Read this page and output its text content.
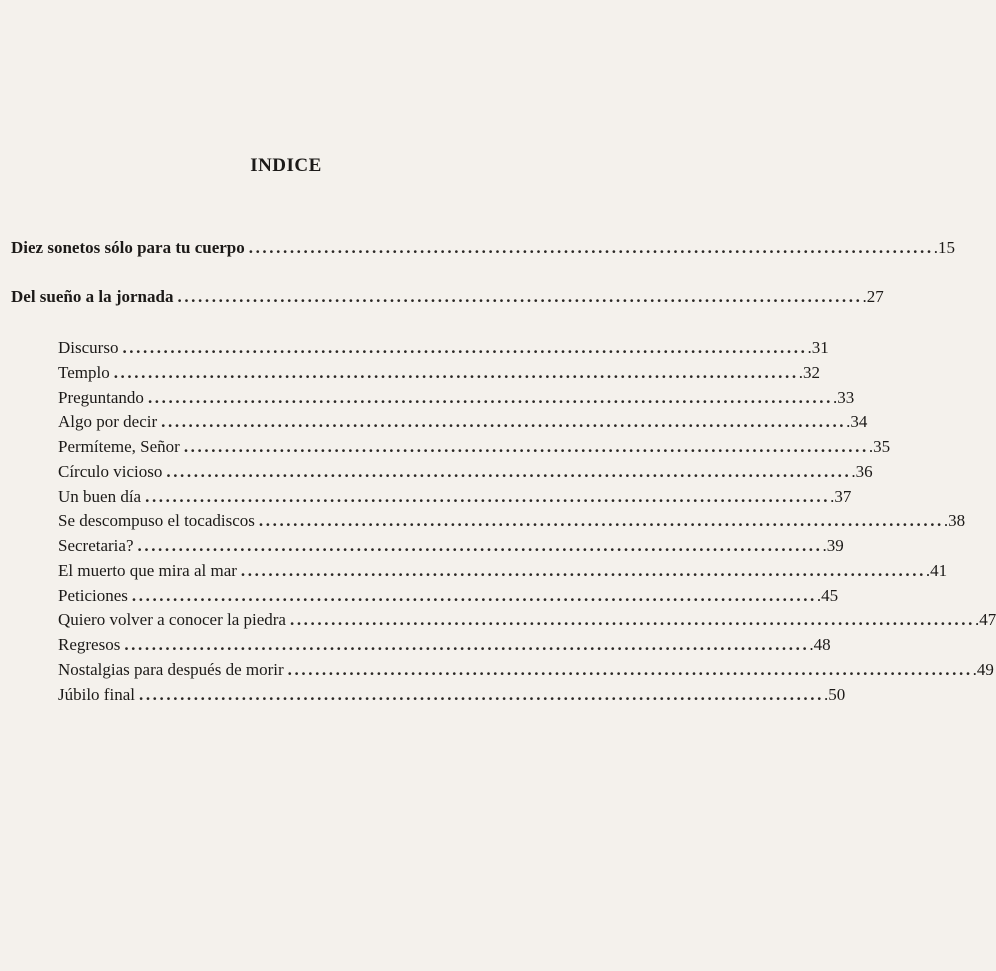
INDICE
Diez sonetos sólo para tu cuerpo .................................................................................................... .15
Del sueño a la jornada .................................................................................................... .27
Discurso .................................................................................................... .31
Templo .................................................................................................... .32
Preguntando .................................................................................................... .33
Algo por decir .................................................................................................... .34
Permíteme, Señor .................................................................................................... .35
Círculo vicioso .................................................................................................... .36
Un buen día .................................................................................................... .37
Se descompuso el tocadiscos .................................................................................................... .38
Secretaria? .................................................................................................... .39
El muerto que mira al mar .................................................................................................... .41
Peticiones .................................................................................................... .45
Quiero volver a conocer la piedra .................................................................................................... .47
Regresos .................................................................................................... .48
Nostalgias para después de morir .................................................................................................... .49
Júbilo final .................................................................................................... .50
